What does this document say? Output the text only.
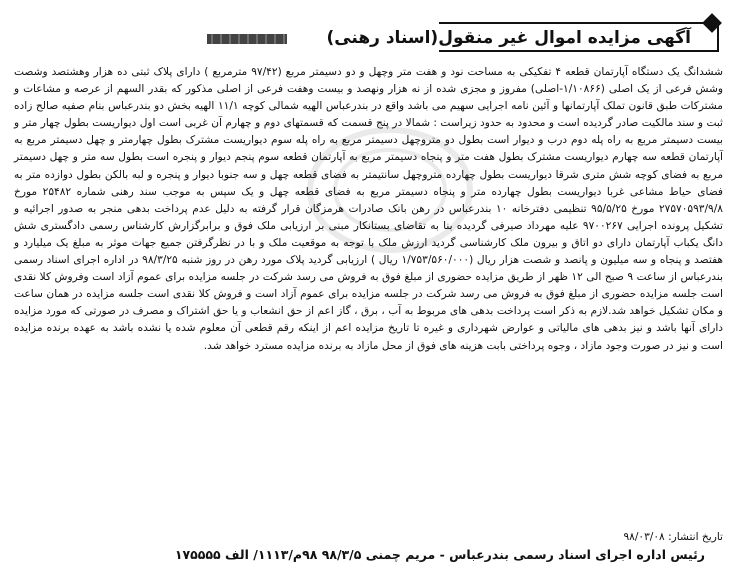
آگهی مزایده اموال غیر منقول(اسناد رهنی)
ششدانگ یک دستگاه آپارتمان قطعه ۴ تفکیکی به مساحت نود و هفت متر وچهل و دو دسیمتر مربع (۹۷/۴۲ مترمربع ) دارای پلاک ثبتی ده هزار وهشتصد وشصت وشش فرعی از یک اصلی (۱/۱۰۸۶۶-اصلی) مفروز و مجزی شده از نه هزار ونهصد و بیست وهفت فرعی از اصلی مذکور که بقدر السهم از عرصه و مشاعات و مشترکات طبق قانون تملک آپارتمانها و آئین نامه اجرایی سهیم می باشد واقع در بندرعباس الهیه شمالی کوچه ۱۱/۱ الهیه بخش دو بندرعباس بنام صفیه صالح زاده ثبت و سند مالکیت صادر گردیده است و محدود به حدود زیراست : شمالا در پنج قسمت که قسمتهای دوم و چهارم آن غربی است اول دیواریست بطول چهار متر و بیست دسیمتر مربع به راه پله دوم درب و دیوار است بطول دو متروچهل دسیمتر مربع به راه پله سوم دیواریست مشترک بطول چهارمتر و چهل دسیمتر مربع به آپارتمان قطعه سه چهارم دیواریست مشترک بطول هفت متر و پنجاه دسیمتر مربع به آپارتمان قطعه سوم پنجم دیوار و پنجره است بطول سه متر و چهل دسیمتر مربع به فضای کوچه شش متری شرقا دیواریست بطول چهارده متروچهل سانتیمتر به فضای قطعه چهل و سه جنوبا دیوار و پنجره و لبه بالکن بطول دوازده متر به فضای حیاط مشاعی غربا دیواریست بطول چهارده متر و پنجاه دسیمتر مربع به فضای قطعه چهل و یک سپس به موجب سند رهنی شماره ۲۵۴۸۲ مورخ ۲۷۵۷۰۵۹۳/۹/۸ مورخ ۹۵/۵/۲۵ تنظیمی دفترخانه ۱۰ بندرعباس در رهن بانک صادرات هرمزگان قرار گرفته به دلیل عدم پرداخت بدهی منجر به صدور اجرائیه و تشکیل پرونده اجرایی ۹۷۰۰۲۶۷ علیه مهرداد صیرفی گردیده بنا به تقاضای بستانکار مبنی بر ارزیابی ملک فوق و برابرگزارش کارشناس رسمی دادگستری شش دانگ یکباب آپارتمان دارای دو اتاق و بیرون ملک کارشناسی گردید ارزش ملک با توجه به موقعیت ملک و با در نظرگرفتن جمیع جهات موثر به مبلغ یک میلیارد و هفتصد و پنجاه و سه میلیون و پانصد و شصت هزار ریال (۱/۷۵۳/۵۶۰/۰۰۰ ریال ) ارزیابی گردید پلاک مورد رهن در روز شنبه ۹۸/۳/۲۵ در اداره اجرای اسناد رسمی بندرعباس از ساعت ۹ صبح الی ۱۲ ظهر از طریق مزایده حضوری از مبلغ فوق به فروش می رسد شرکت در جلسه مزایده برای عموم آزاد است وفروش کلا نقدی است جلسه مزایده حضوری از مبلغ فوق به فروش می رسد شرکت در جلسه مزایده برای عموم آزاد است و فروش کلا نقدی است جلسه مزایده در همان ساعت و مکان تشکیل خواهد شد.لازم به ذکر است پرداخت بدهی های مربوط به آب ، برق ، گاز اعم از حق انشعاب و یا حق اشتراک و مصرف در صورتی که مورد مزایده دارای آنها باشد و نیز بدهی های مالیاتی و عوارض شهرداری و غیره تا تاریخ مزایده اعم از اینکه رقم قطعی آن معلوم شده یا نشده باشد به عهده برنده مزایده است و نیز در صورت وجود مازاد ، وجوه پرداختی بابت هزینه های فوق از محل مازاد به برنده مزایده مسترد خواهد شد.
تاریخ انتشار: ۹۸/۰۳/۰۸
رئیس اداره اجرای اسناد رسمی بندرعباس - مریم چمنی ۹۸/۳/۵ ۹۸م/۱۱۱۳/ الف ۱۷۵۵۵۵
